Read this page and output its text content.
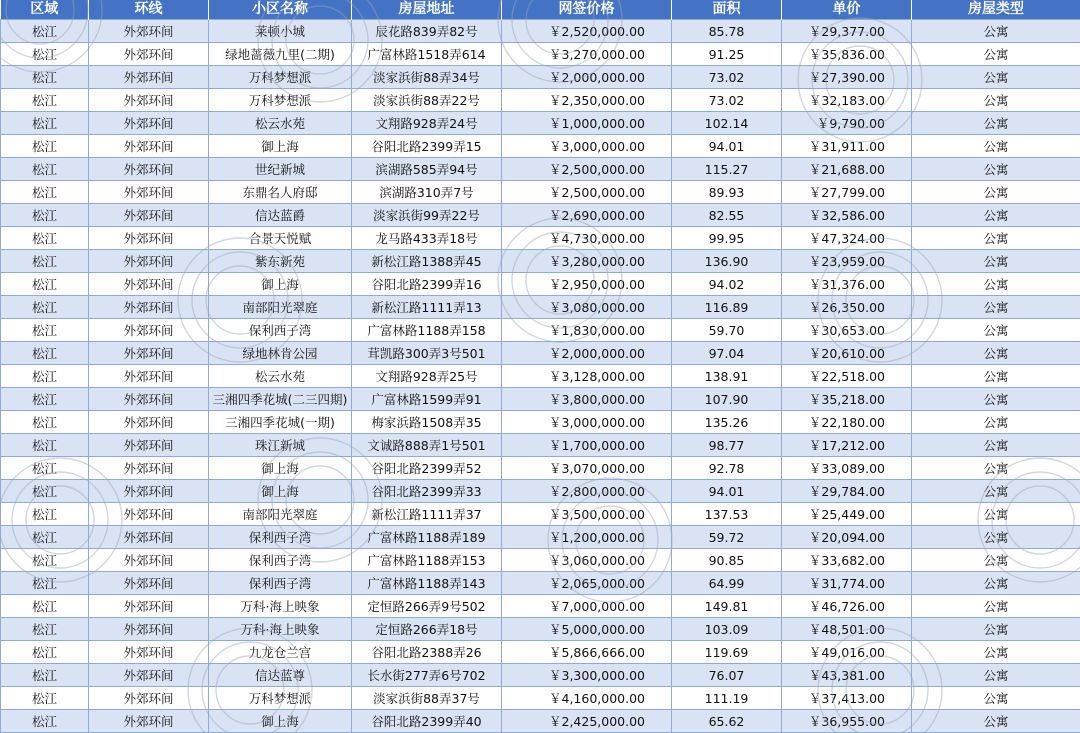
区域	环线	小区名称	房屋地址	网签价格	面积	单价	房屋类型
松江	外郊环间	莱顿小城	辰花路839弄82号	￥2,520,000.00	85.78	￥29,377.00	公寓
松江	外郊环间	绿地蔷薇九里(二期)	广富林路1518弄614	￥3,270,000.00	91.25	￥35,836.00	公寓
松江	外郊环间	万科梦想派	淡家浜街88弄34号	￥2,000,000.00	73.02	￥27,390.00	公寓
松江	外郊环间	万科梦想派	淡家浜街88弄22号	￥2,350,000.00	73.02	￥32,183.00	公寓
松江	外郊环间	松云水苑	文翔路928弄24号	￥1,000,000.00	102.14	￥9,790.00	公寓
松江	外郊环间	御上海	谷阳北路2399弄15	￥3,000,000.00	94.01	￥31,911.00	公寓
松江	外郊环间	世纪新城	滨湖路585弄94号	￥2,500,000.00	115.27	￥21,688.00	公寓
松江	外郊环间	东鼎名人府邸	滨湖路310弄7号	￥2,500,000.00	89.93	￥27,799.00	公寓
松江	外郊环间	信达蓝爵	淡家浜街99弄22号	￥2,690,000.00	82.55	￥32,586.00	公寓
松江	外郊环间	合景天悦赋	龙马路433弄18号	￥4,730,000.00	99.95	￥47,324.00	公寓
松江	外郊环间	紫东新苑	新松江路1388弄45	￥3,280,000.00	136.90	￥23,959.00	公寓
松江	外郊环间	御上海	谷阳北路2399弄16	￥2,950,000.00	94.02	￥31,376.00	公寓
松江	外郊环间	南部阳光翠庭	新松江路1111弄13	￥3,080,000.00	116.89	￥26,350.00	公寓
松江	外郊环间	保利西子湾	广富林路1188弄158	￥1,830,000.00	59.70	￥30,653.00	公寓
松江	外郊环间	绿地林肯公园	茸凯路300弄3号501	￥2,000,000.00	97.04	￥20,610.00	公寓
松江	外郊环间	松云水苑	文翔路928弄25号	￥3,128,000.00	138.91	￥22,518.00	公寓
松江	外郊环间	三湘四季花城(二三四期)	广富林路1599弄91	￥3,800,000.00	107.90	￥35,218.00	公寓
松江	外郊环间	三湘四季花城(一期)	梅家浜路1508弄35	￥3,000,000.00	135.26	￥22,180.00	公寓
松江	外郊环间	珠江新城	文诚路888弄1号501	￥1,700,000.00	98.77	￥17,212.00	公寓
松江	外郊环间	御上海	谷阳北路2399弄52	￥3,070,000.00	92.78	￥33,089.00	公寓
松江	外郊环间	御上海	谷阳北路2399弄33	￥2,800,000.00	94.01	￥29,784.00	公寓
松江	外郊环间	南部阳光翠庭	新松江路1111弄37	￥3,500,000.00	137.53	￥25,449.00	公寓
松江	外郊环间	保利西子湾	广富林路1188弄189	￥1,200,000.00	59.72	￥20,094.00	公寓
松江	外郊环间	保利西子湾	广富林路1188弄153	￥3,060,000.00	90.85	￥33,682.00	公寓
松江	外郊环间	保利西子湾	广富林路1188弄143	￥2,065,000.00	64.99	￥31,774.00	公寓
松江	外郊环间	万科·海上映象	定恒路266弄9号502	￥7,000,000.00	149.81	￥46,726.00	公寓
松江	外郊环间	万科·海上映象	定恒路266弄18号	￥5,000,000.00	103.09	￥48,501.00	公寓
松江	外郊环间	九龙仓兰宫	谷阳北路2388弄26	￥5,866,666.00	119.69	￥49,016.00	公寓
松江	外郊环间	信达蓝尊	长水街277弄6号702	￥3,300,000.00	76.07	￥43,381.00	公寓
松江	外郊环间	万科梦想派	淡家浜街88弄37号	￥4,160,000.00	111.19	￥37,413.00	公寓
松江	外郊环间	御上海	谷阳北路2399弄40	￥2,425,000.00	65.62	￥36,955.00	公寓
